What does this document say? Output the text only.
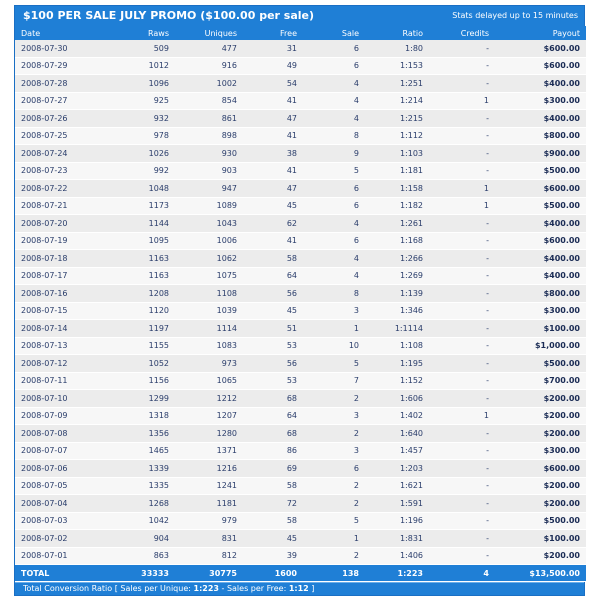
$100 PER SALE JULY PROMO ($100.00 per sale)	Stats delayed up to 15 minutes
Date	Raws	Uniques	Free	Sale	Ratio	Credits	Payout
2008-07-30	509	477	31	6	1:80	-	$600.00
2008-07-29	1012	916	49	6	1:153	-	$600.00
2008-07-28	1096	1002	54	4	1:251	-	$400.00
2008-07-27	925	854	41	4	1:214	1	$300.00
2008-07-26	932	861	47	4	1:215	-	$400.00
2008-07-25	978	898	41	8	1:112	-	$800.00
2008-07-24	1026	930	38	9	1:103	-	$900.00
2008-07-23	992	903	41	5	1:181	-	$500.00
2008-07-22	1048	947	47	6	1:158	1	$600.00
2008-07-21	1173	1089	45	6	1:182	1	$500.00
2008-07-20	1144	1043	62	4	1:261	-	$400.00
2008-07-19	1095	1006	41	6	1:168	-	$600.00
2008-07-18	1163	1062	58	4	1:266	-	$400.00
2008-07-17	1163	1075	64	4	1:269	-	$400.00
2008-07-16	1208	1108	56	8	1:139	-	$800.00
2008-07-15	1120	1039	45	3	1:346	-	$300.00
2008-07-14	1197	1114	51	1	1:1114	-	$100.00
2008-07-13	1155	1083	53	10	1:108	-	$1,000.00
2008-07-12	1052	973	56	5	1:195	-	$500.00
2008-07-11	1156	1065	53	7	1:152	-	$700.00
2008-07-10	1299	1212	68	2	1:606	-	$200.00
2008-07-09	1318	1207	64	3	1:402	1	$200.00
2008-07-08	1356	1280	68	2	1:640	-	$200.00
2008-07-07	1465	1371	86	3	1:457	-	$300.00
2008-07-06	1339	1216	69	6	1:203	-	$600.00
2008-07-05	1335	1241	58	2	1:621	-	$200.00
2008-07-04	1268	1181	72	2	1:591	-	$200.00
2008-07-03	1042	979	58	5	1:196	-	$500.00
2008-07-02	904	831	45	1	1:831	-	$100.00
2008-07-01	863	812	39	2	1:406	-	$200.00
TOTAL	33333	30775	1600	138	1:223	4	$13,500.00
Total Conversion Ratio [ Sales per Unique: 1:223 - Sales per Free: 1:12 ]
